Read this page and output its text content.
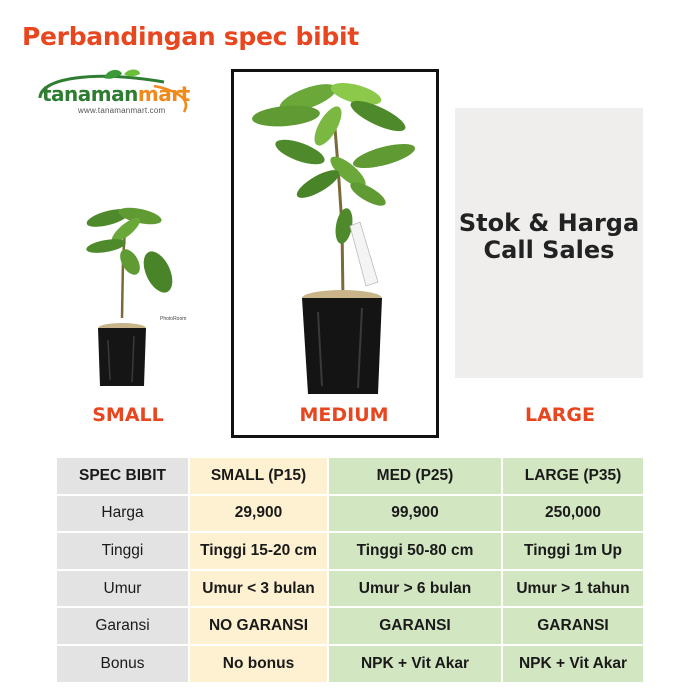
Perbandingan spec bibit
tanamanmart
www.tanamanmart.com
PhotoRoom
Stok & Harga
Call Sales
SMALL	MEDIUM	LARGE
SPEC BIBIT	SMALL (P15)	MED (P25)	LARGE (P35)
Harga	29,900	99,900	250,000
Tinggi	Tinggi 15-20 cm	Tinggi 50-80 cm	Tinggi 1m Up
Umur	Umur < 3 bulan	Umur > 6 bulan	Umur > 1 tahun
Garansi	NO GARANSI	GARANSI	GARANSI
Bonus	No bonus	NPK + Vit Akar	NPK + Vit Akar
